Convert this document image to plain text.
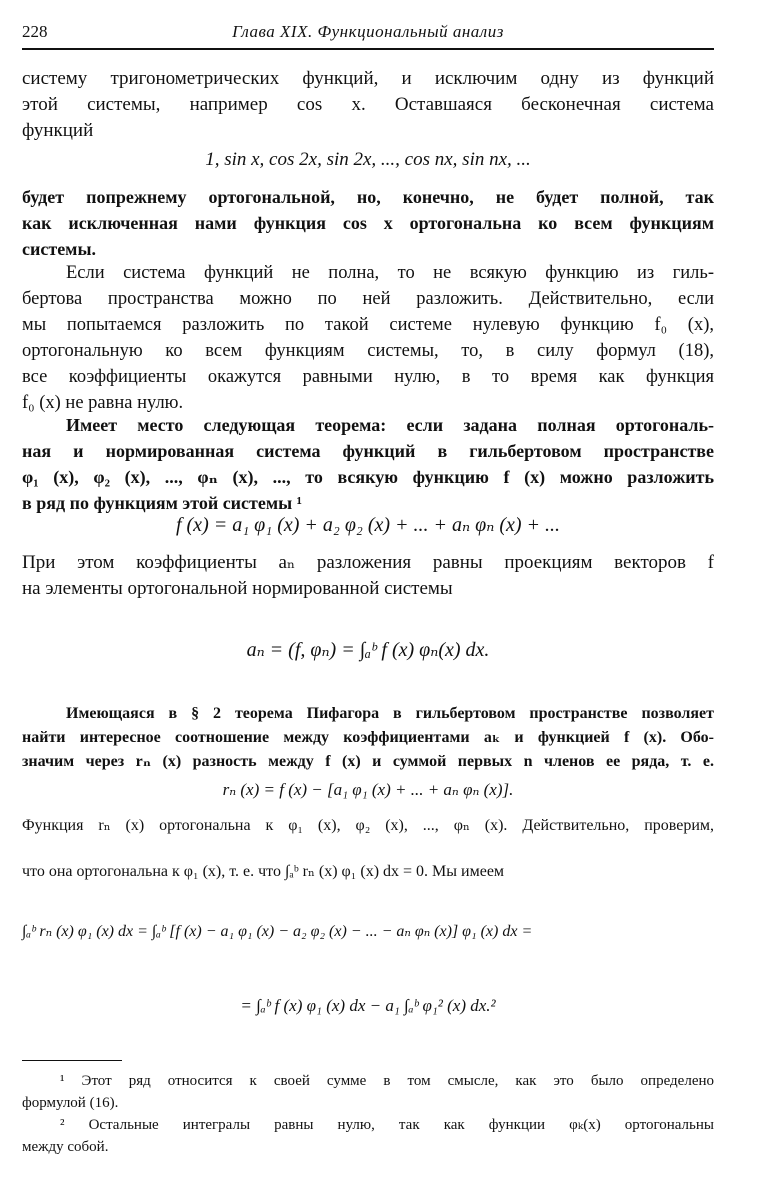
228	Глава XIX. Функциональный анализ
систему тригонометрических функций, и исключим одну из функций
этой системы, например cos x. Оставшаяся бесконечная система
функций
1, sin x, cos 2x, sin 2x, ..., cos nx, sin nx, ...
будет попрежнему ортогональной, но, конечно, не будет полной, так
как исключенная нами функция cos x ортогональна ко всем функциям
системы.
Если система функций не полна, то не всякую функцию из гиль-
бертова пространства можно по ней разложить. Действительно, если
мы попытаемся разложить по такой системе нулевую функцию f₀ (x),
ортогональную ко всем функциям системы, то, в силу формул (18),
все коэффициенты окажутся равными нулю, в то время как функция
f₀ (x) не равна нулю.
Имеет место следующая теорема: если задана полная ортогональ-
ная и нормированная система функций в гильбертовом пространстве
φ₁ (x), φ₂ (x), ..., φₙ (x), ..., то всякую функцию f (x) можно разложить
в ряд по функциям этой системы ¹
f (x) = a₁ φ₁ (x) + a₂ φ₂ (x) + ... + aₙ φₙ (x) + ...
При этом коэффициенты aₙ разложения равны проекциям векторов f
на элементы ортогональной нормированной системы
aₙ = (f, φₙ) = ∫ₐᵇ f (x) φₙ(x) dx.
Имеющаяся в § 2 теорема Пифагора в гильбертовом пространстве позволяет
найти интересное соотношение между коэффициентами aₖ и функцией f (x). Обо-
значим через rₙ (x) разность между f (x) и суммой первых n членов ее ряда, т. е.
rₙ (x) = f (x) − [a₁ φ₁ (x) + ... + aₙ φₙ (x)].
Функция rₙ (x) ортогональна к φ₁ (x), φ₂ (x), ..., φₙ (x). Действительно, проверим,
что она ортогональна к φ₁ (x), т. е. что ∫ₐᵇ rₙ (x) φ₁ (x) dx = 0. Мы имеем
∫ₐᵇ rₙ (x) φ₁ (x) dx = ∫ₐᵇ [f (x) − a₁ φ₁ (x) − a₂ φ₂ (x) − ... − aₙ φₙ (x)] φ₁ (x) dx =
= ∫ₐᵇ f (x) φ₁ (x) dx − a₁ ∫ₐᵇ φ₁² (x) dx.²
¹ Этот ряд относится к своей сумме в том смысле, как это было определено
формулой (16).
² Остальные интегралы равны нулю, так как функции φₖ(x) ортогональны
между собой.
